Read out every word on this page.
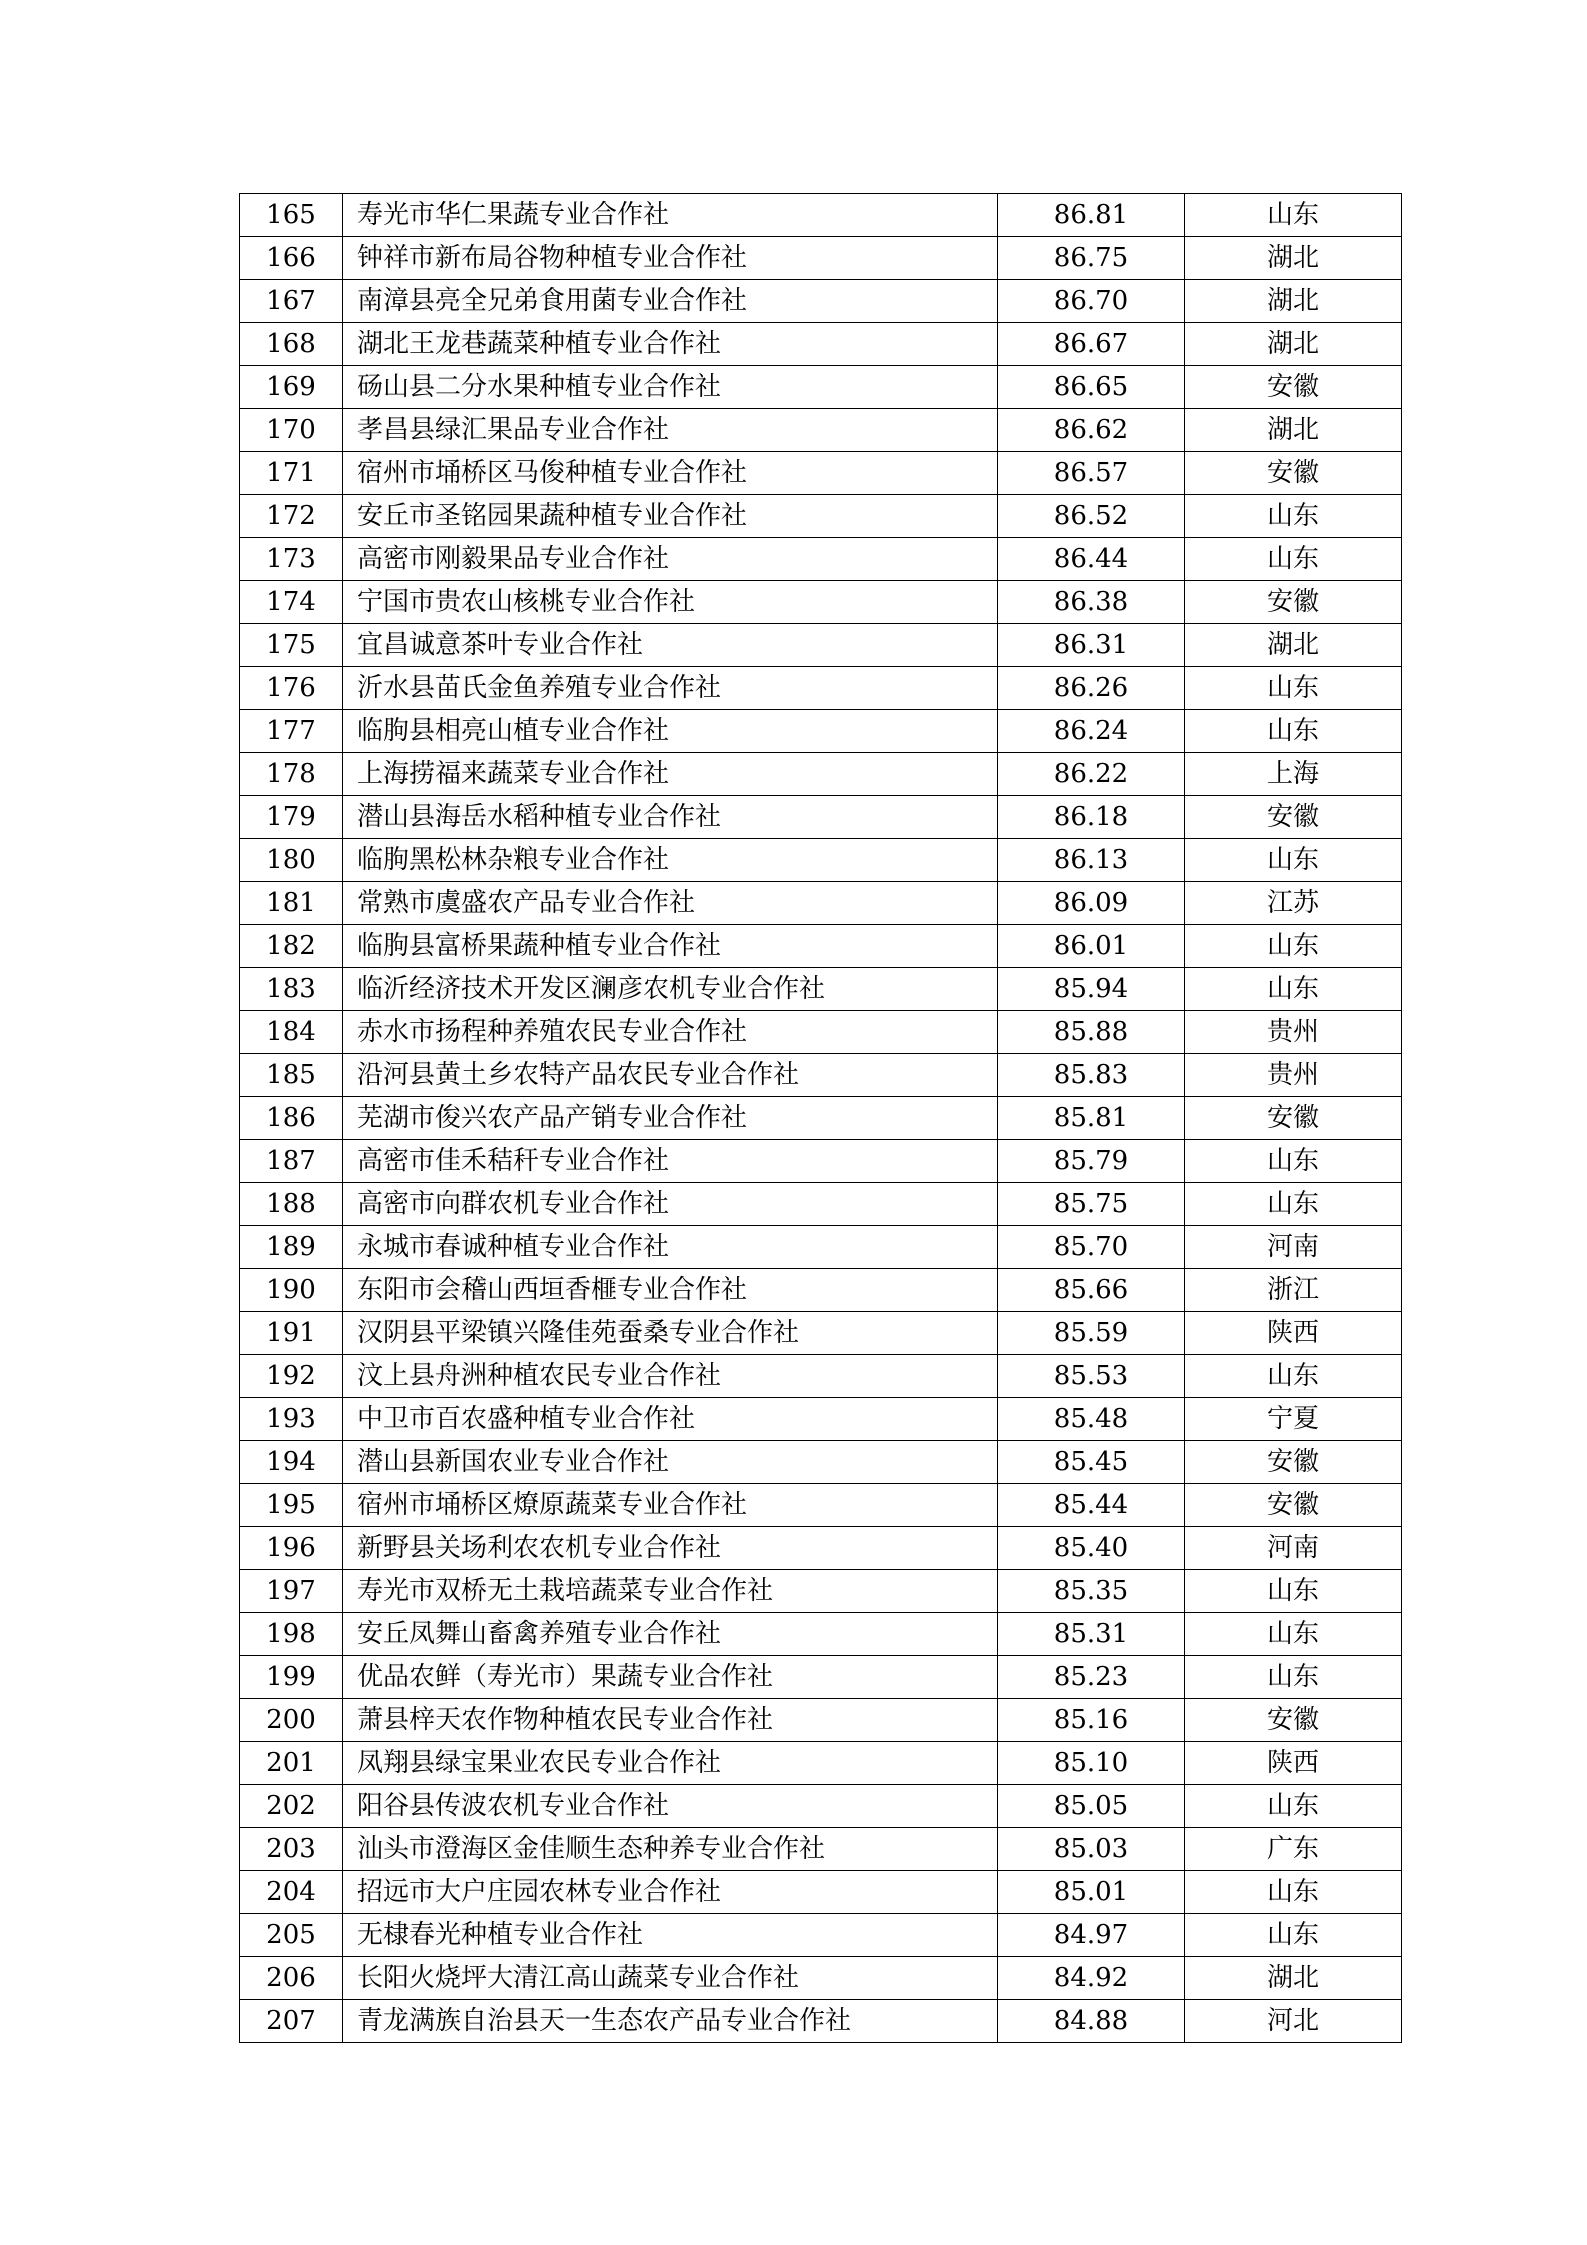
165	寿光市华仁果蔬专业合作社	86.81	山东
166	钟祥市新布局谷物种植专业合作社	86.75	湖北
167	南漳县亮全兄弟食用菌专业合作社	86.70	湖北
168	湖北王龙巷蔬菜种植专业合作社	86.67	湖北
169	砀山县二分水果种植专业合作社	86.65	安徽
170	孝昌县绿汇果品专业合作社	86.62	湖北
171	宿州市埇桥区马俊种植专业合作社	86.57	安徽
172	安丘市圣铭园果蔬种植专业合作社	86.52	山东
173	高密市刚毅果品专业合作社	86.44	山东
174	宁国市贵农山核桃专业合作社	86.38	安徽
175	宜昌诚意茶叶专业合作社	86.31	湖北
176	沂水县苗氏金鱼养殖专业合作社	86.26	山东
177	临朐县相亮山植专业合作社	86.24	山东
178	上海捞福来蔬菜专业合作社	86.22	上海
179	潜山县海岳水稻种植专业合作社	86.18	安徽
180	临朐黑松林杂粮专业合作社	86.13	山东
181	常熟市虞盛农产品专业合作社	86.09	江苏
182	临朐县富桥果蔬种植专业合作社	86.01	山东
183	临沂经济技术开发区澜彦农机专业合作社	85.94	山东
184	赤水市扬程种养殖农民专业合作社	85.88	贵州
185	沿河县黄土乡农特产品农民专业合作社	85.83	贵州
186	芜湖市俊兴农产品产销专业合作社	85.81	安徽
187	高密市佳禾秸秆专业合作社	85.79	山东
188	高密市向群农机专业合作社	85.75	山东
189	永城市春诚种植专业合作社	85.70	河南
190	东阳市会稽山西垣香榧专业合作社	85.66	浙江
191	汉阴县平梁镇兴隆佳苑蚕桑专业合作社	85.59	陕西
192	汶上县舟洲种植农民专业合作社	85.53	山东
193	中卫市百农盛种植专业合作社	85.48	宁夏
194	潜山县新国农业专业合作社	85.45	安徽
195	宿州市埇桥区燎原蔬菜专业合作社	85.44	安徽
196	新野县关场利农农机专业合作社	85.40	河南
197	寿光市双桥无土栽培蔬菜专业合作社	85.35	山东
198	安丘凤舞山畜禽养殖专业合作社	85.31	山东
199	优品农鲜（寿光市）果蔬专业合作社	85.23	山东
200	萧县梓天农作物种植农民专业合作社	85.16	安徽
201	凤翔县绿宝果业农民专业合作社	85.10	陕西
202	阳谷县传波农机专业合作社	85.05	山东
203	汕头市澄海区金佳顺生态种养专业合作社	85.03	广东
204	招远市大户庄园农林专业合作社	85.01	山东
205	无棣春光种植专业合作社	84.97	山东
206	长阳火烧坪大清江高山蔬菜专业合作社	84.92	湖北
207	青龙满族自治县天一生态农产品专业合作社	84.88	河北
